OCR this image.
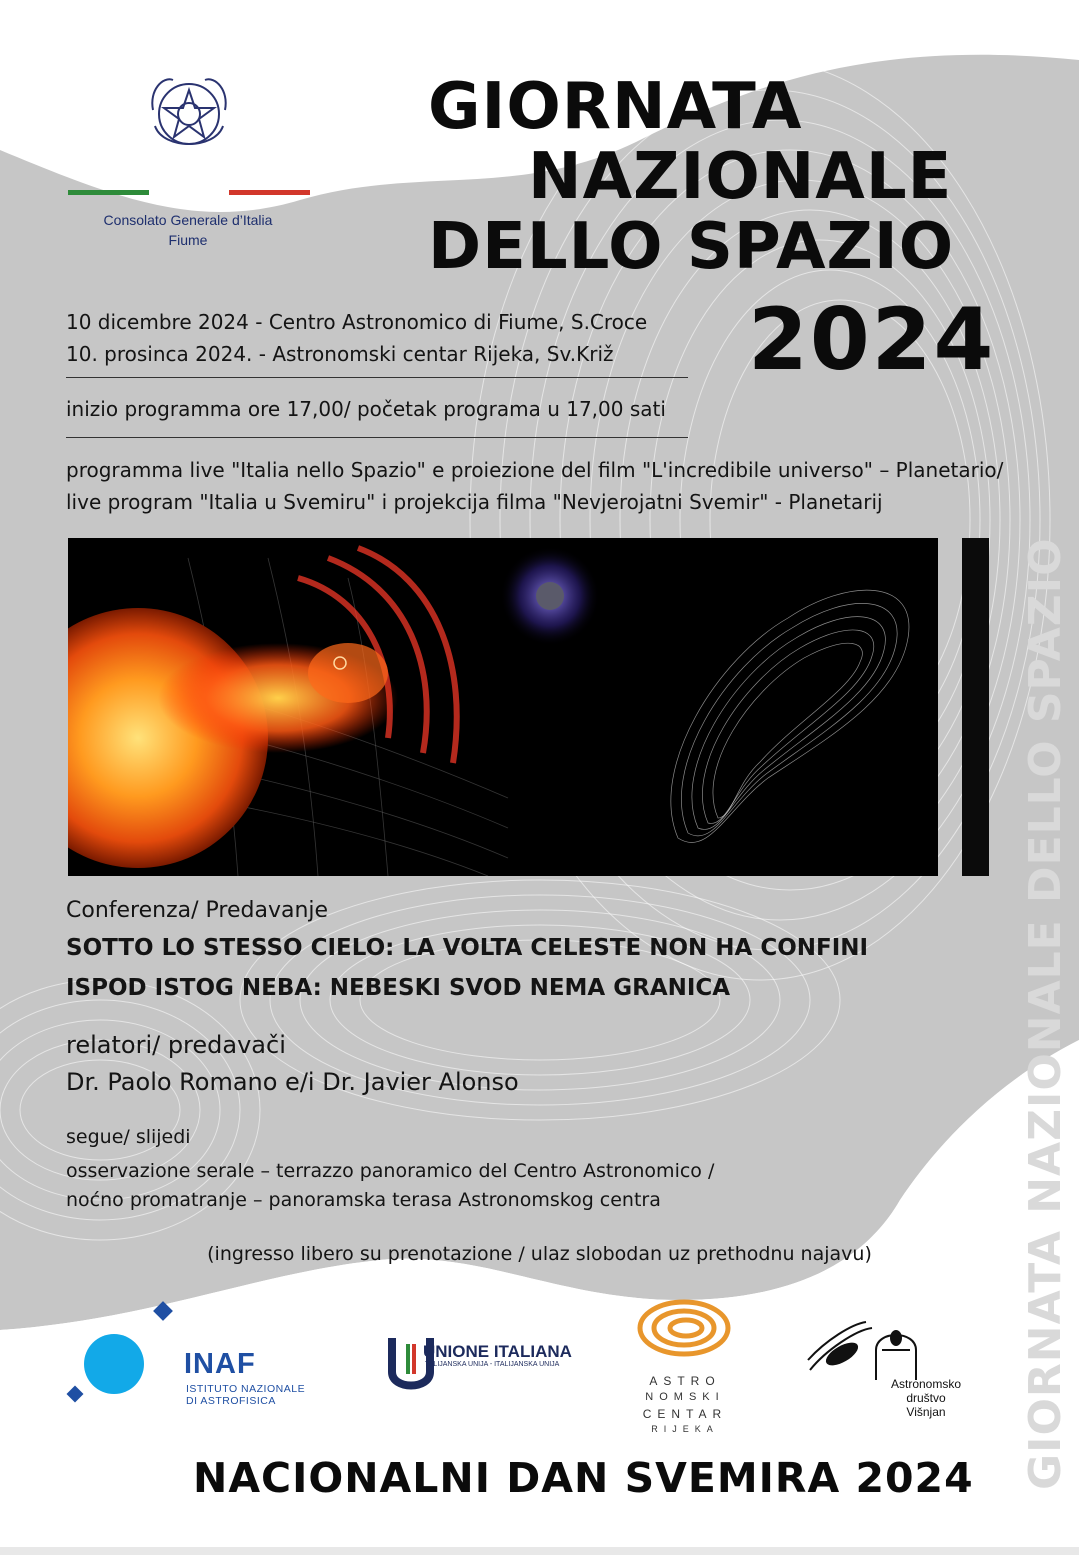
Consolato Generale d’Italia
Fiume
GIORNATA
NAZIONALE
DELLO SPAZIO
2024
10 dicembre 2024 - Centro Astronomico di Fiume, S.Croce
10. prosinca 2024. - Astronomski centar Rijeka, Sv.Križ
inizio programma ore 17,00/ početak programa u 17,00 sati
programma live "Italia nello Spazio" e proiezione del film "L'incredibile universo" – Planetario/
live program "Italia u Svemiru" i projekcija filma "Nevjerojatni Svemir" - Planetarij
GIORNATA NAZIONALE DELLO SPAZIO
Conferenza/ Predavanje
SOTTO LO STESSO CIELO: LA VOLTA CELESTE NON HA CONFINI
ISPOD ISTOG NEBA: NEBESKI SVOD NEMA GRANICA
relatori/ predavači
Dr. Paolo Romano e/i Dr. Javier Alonso
segue/ slijedi
osservazione serale – terrazzo panoramico del Centro Astronomico /
noćno promatranje – panoramska terasa Astronomskog centra
(ingresso libero su prenotazione / ulaz slobodan uz prethodnu najavu)
INAF
ISTITUTO NAZIONALE
DI ASTROFISICA
UNIONE ITALIANA
TALIJANSKA UNIJA - ITALIJANSKA UNIJA
ASTRO
NOMSKI
CENTAR
RIJEKA
Astronomsko
društvo
Višnjan
NACIONALNI DAN SVEMIRA 2024
